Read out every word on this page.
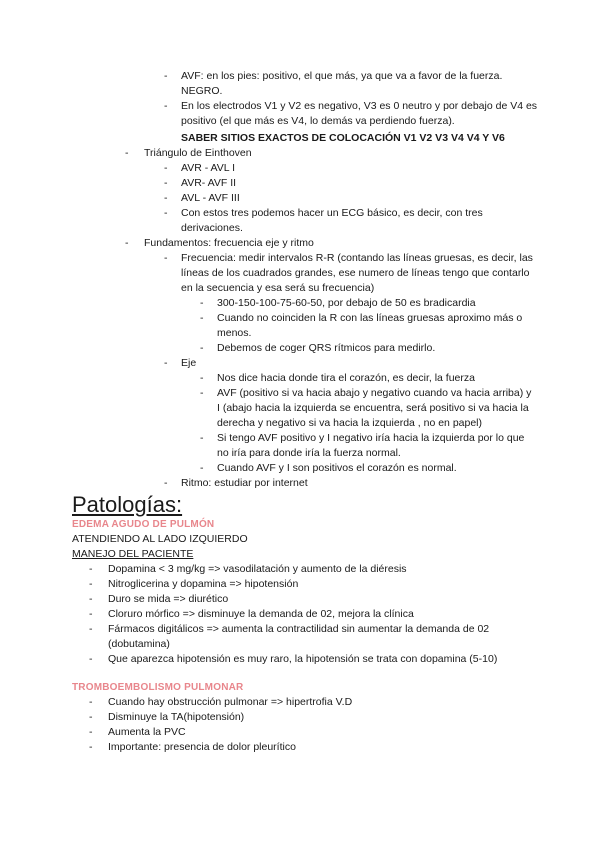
- AVF: en los pies: positivo, el que más, ya que va a favor de la fuerza. NEGRO.
- En los electrodos V1 y V2 es negativo, V3 es 0 neutro y por debajo de V4 es positivo (el que más es V4, lo demás va perdiendo fuerza).
SABER SITIOS EXACTOS DE COLOCACIÓN V1 V2 V3 V4 V4 Y V6
- Triángulo de Einthoven
- AVR - AVL I
- AVR- AVF II
- AVL - AVF III
- Con estos tres podemos hacer un ECG básico, es decir, con tres derivaciones.
- Fundamentos: frecuencia eje y ritmo
- Frecuencia: medir intervalos R-R (contando las líneas gruesas, es decir, las líneas de los cuadrados grandes, ese numero de líneas tengo que contarlo en la secuencia y esa será su frecuencia)
- 300-150-100-75-60-50, por debajo de 50 es bradicardia
- Cuando no coinciden la R con las líneas gruesas aproximo más o menos.
- Debemos de coger QRS rítmicos para medirlo.
- Eje
- Nos dice hacia donde tira el corazón, es decir, la fuerza
- AVF (positivo si va hacia abajo y negativo cuando va hacia arriba) y I (abajo hacia la izquierda se encuentra, será positivo si va hacia la derecha y negativo si va hacia la izquierda , no en papel)
- Si tengo AVF positivo y I negativo iría hacia la izquierda por lo que no iría para donde iría la fuerza normal.
- Cuando AVF y I son positivos el corazón es normal.
- Ritmo: estudiar por internet
Patologías:
EDEMA AGUDO DE PULMÓN
ATENDIENDO AL LADO IZQUIERDO
MANEJO DEL PACIENTE
- Dopamina < 3 mg/kg => vasodilatación y aumento de la diéresis
- Nitroglicerina y dopamina => hipotensión
- Duro se mida => diurético
- Cloruro mórfico => disminuye la demanda de 02, mejora la clínica
- Fármacos digitálicos => aumenta la contractilidad sin aumentar la demanda de 02 (dobutamina)
- Que aparezca hipotensión es muy raro, la hipotensión se trata con dopamina (5-10)
TROMBOEMBOLISMO PULMONAR
- Cuando hay obstrucción pulmonar => hipertrofia V.D
- Disminuye la TA(hipotensión)
- Aumenta la PVC
- Importante: presencia de dolor pleurítico
